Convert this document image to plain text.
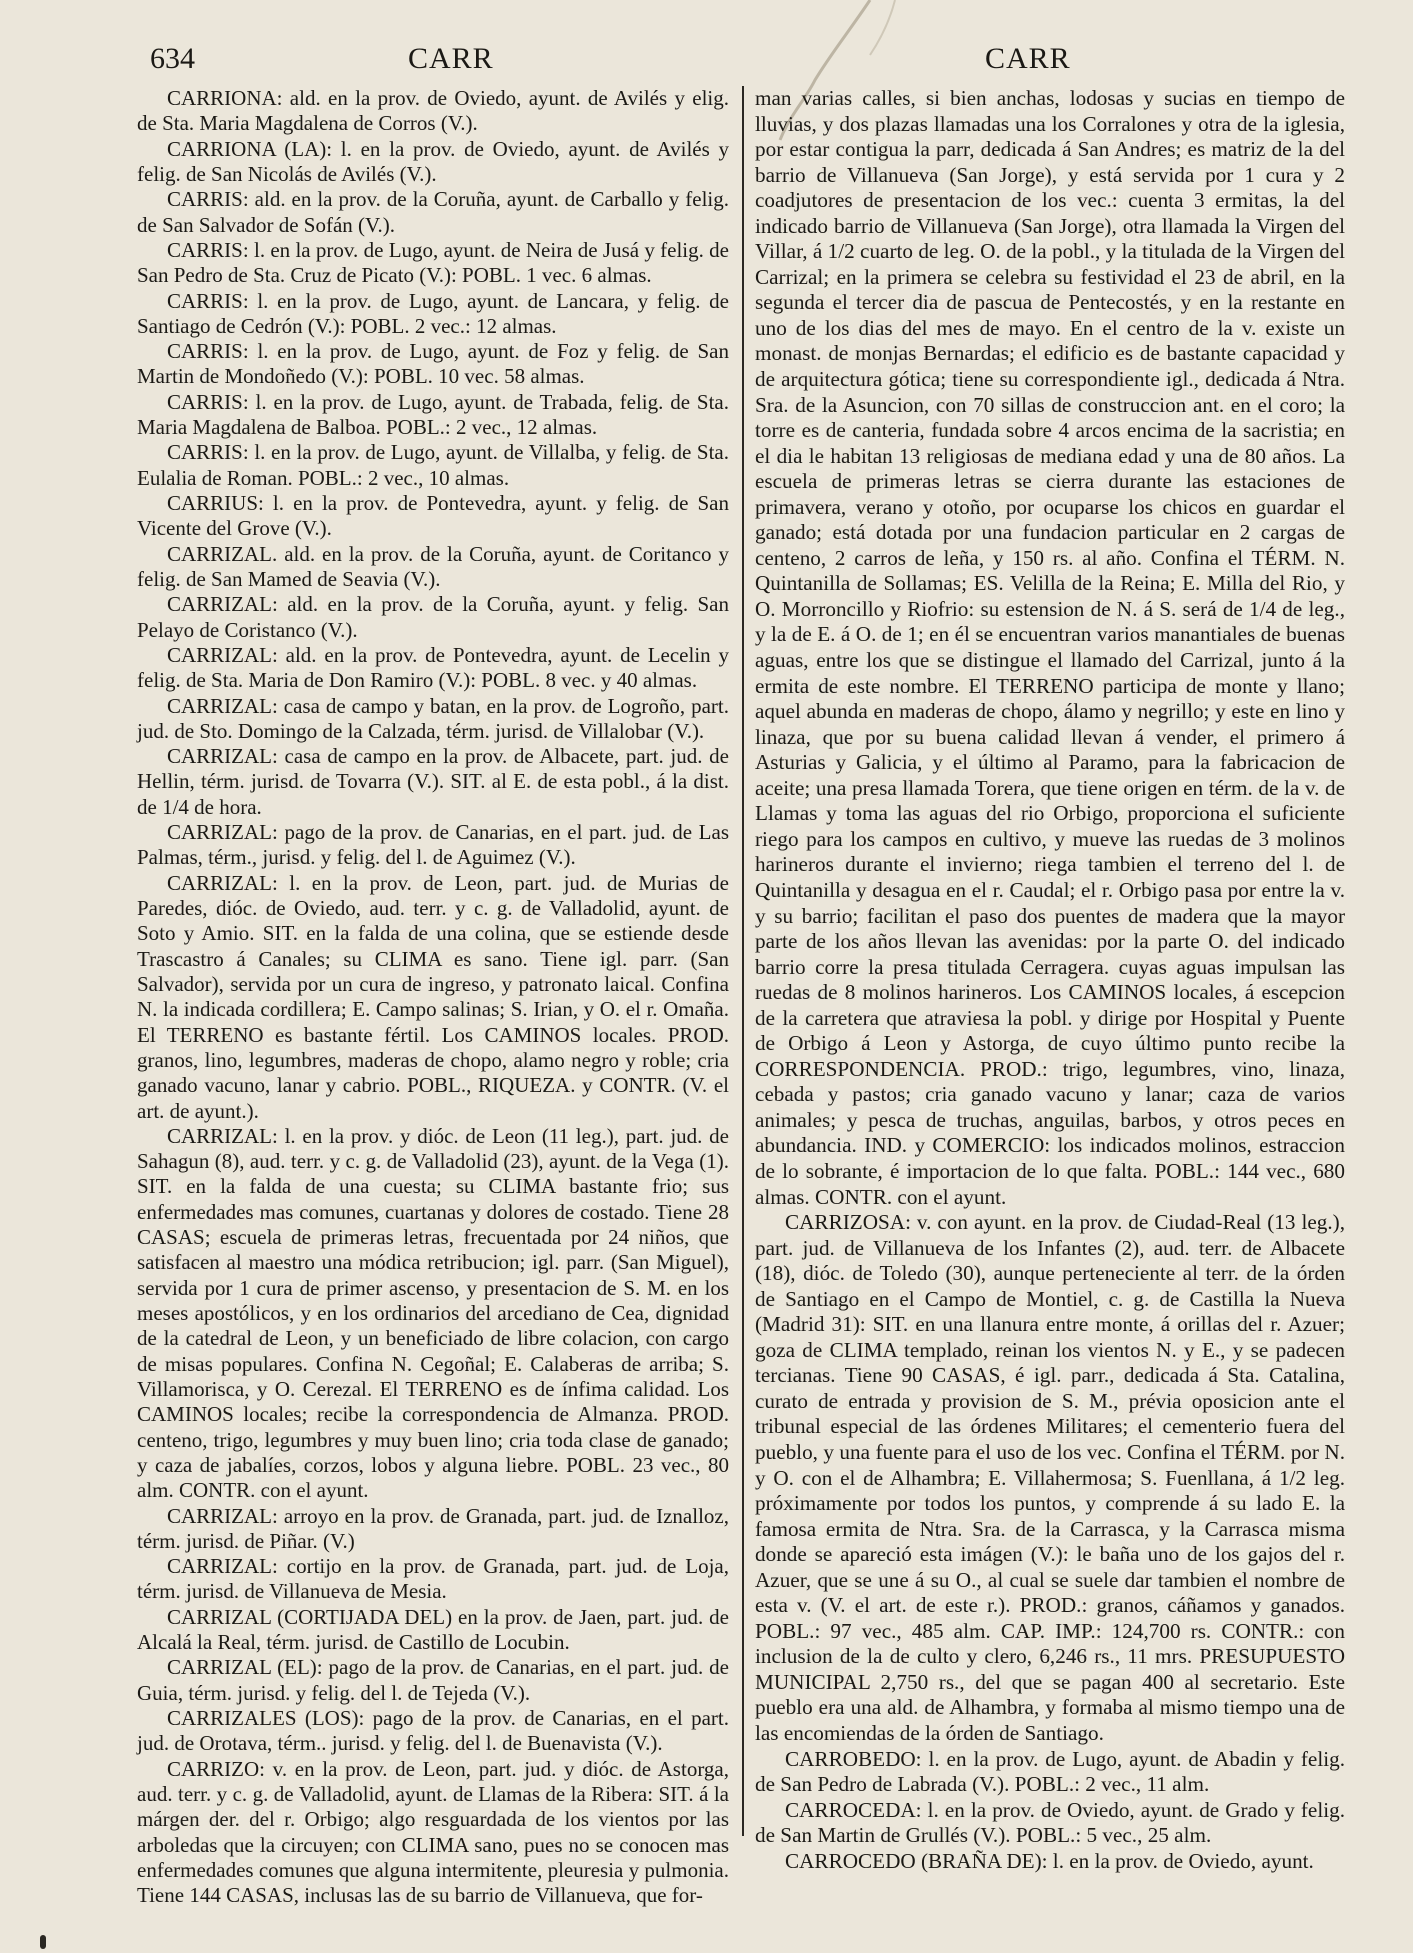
634	CARR	CARR

CARRIONA: ald. en la prov. de Oviedo, ayunt. de Avilés y elig. de Sta. Maria Magdalena de Corros (V.).

CARRIONA (LA): l. en la prov. de Oviedo, ayunt. de Avilés y felig. de San Nicolás de Avilés (V.).

CARRIS: ald. en la prov. de la Coruña, ayunt. de Carballo y felig. de San Salvador de Sofán (V.).

CARRIS: l. en la prov. de Lugo, ayunt. de Neira de Jusá y felig. de San Pedro de Sta. Cruz de Picato (V.): POBL. 1 vec. 6 almas.

CARRIS: l. en la prov. de Lugo, ayunt. de Lancara, y felig. de Santiago de Cedrón (V.): POBL. 2 vec.: 12 almas.

CARRIS: l. en la prov. de Lugo, ayunt. de Foz y felig. de San Martin de Mondoñedo (V.): POBL. 10 vec. 58 almas.

CARRIS: l. en la prov. de Lugo, ayunt. de Trabada, felig. de Sta. Maria Magdalena de Balboa. POBL.: 2 vec., 12 almas.

CARRIS: l. en la prov. de Lugo, ayunt. de Villalba, y felig. de Sta. Eulalia de Roman. POBL.: 2 vec., 10 almas.

CARRIUS: l. en la prov. de Pontevedra, ayunt. y felig. de San Vicente del Grove (V.).

CARRIZAL. ald. en la prov. de la Coruña, ayunt. de Coritanco y felig. de San Mamed de Seavia (V.).

CARRIZAL: ald. en la prov. de la Coruña, ayunt. y felig. San Pelayo de Coristanco (V.).

CARRIZAL: ald. en la prov. de Pontevedra, ayunt. de Lecelin y felig. de Sta. Maria de Don Ramiro (V.): POBL. 8 vec. y 40 almas.

CARRIZAL: casa de campo y batan, en la prov. de Logroño, part. jud. de Sto. Domingo de la Calzada, térm. jurisd. de Villalobar (V.).

CARRIZAL: casa de campo en la prov. de Albacete, part. jud. de Hellin, térm. jurisd. de Tovarra (V.). SIT. al E. de esta pobl., á la dist. de 1/4 de hora.

CARRIZAL: pago de la prov. de Canarias, en el part. jud. de Las Palmas, térm., jurisd. y felig. del l. de Aguimez (V.).

CARRIZAL: l. en la prov. de Leon, part. jud. de Murias de Paredes, dióc. de Oviedo, aud. terr. y c. g. de Valladolid, ayunt. de Soto y Amio. SIT. en la falda de una colina, que se estiende desde Trascastro á Canales; su CLIMA es sano. Tiene igl. parr. (San Salvador), servida por un cura de ingreso, y patronato laical. Confina N. la indicada cordillera; E. Campo salinas; S. Irian, y O. el r. Omaña. El TERRENO es bastante fértil. Los CAMINOS locales. PROD. granos, lino, legumbres, maderas de chopo, alamo negro y roble; cria ganado vacuno, lanar y cabrio. POBL., RIQUEZA. y CONTR. (V. el art. de ayunt.).

CARRIZAL: l. en la prov. y dióc. de Leon (11 leg.), part. jud. de Sahagun (8), aud. terr. y c. g. de Valladolid (23), ayunt. de la Vega (1). SIT. en la falda de una cuesta; su CLIMA bastante frio; sus enfermedades mas comunes, cuartanas y dolores de costado. Tiene 28 CASAS; escuela de primeras letras, frecuentada por 24 niños, que satisfacen al maestro una módica retribucion; igl. parr. (San Miguel), servida por 1 cura de primer ascenso, y presentacion de S. M. en los meses apostólicos, y en los ordinarios del arcediano de Cea, dignidad de la catedral de Leon, y un beneficiado de libre colacion, con cargo de misas populares. Confina N. Cegoñal; E. Calaberas de arriba; S. Villamorisca, y O. Cerezal. El TERRENO es de ínfima calidad. Los CAMINOS locales; recibe la correspondencia de Almanza. PROD. centeno, trigo, legumbres y muy buen lino; cria toda clase de ganado; y caza de jabalíes, corzos, lobos y alguna liebre. POBL. 23 vec., 80 alm. CONTR. con el ayunt.

CARRIZAL: arroyo en la prov. de Granada, part. jud. de Iznalloz, térm. jurisd. de Piñar. (V.)

CARRIZAL: cortijo en la prov. de Granada, part. jud. de Loja, térm. jurisd. de Villanueva de Mesia.

CARRIZAL (CORTIJADA DEL) en la prov. de Jaen, part. jud. de Alcalá la Real, térm. jurisd. de Castillo de Locubin.

CARRIZAL (EL): pago de la prov. de Canarias, en el part. jud. de Guia, térm. jurisd. y felig. del l. de Tejeda (V.).

CARRIZALES (LOS): pago de la prov. de Canarias, en el part. jud. de Orotava, térm.. jurisd. y felig. del l. de Buenavista (V.).

CARRIZO: v. en la prov. de Leon, part. jud. y dióc. de Astorga, aud. terr. y c. g. de Valladolid, ayunt. de Llamas de la Ribera: SIT. á la márgen der. del r. Orbigo; algo resguardada de los vientos por las arboledas que la circuyen; con CLIMA sano, pues no se conocen mas enfermedades comunes que alguna intermitente, pleuresia y pulmonia. Tiene 144 CASAS, inclusas las de su barrio de Villanueva, que for-

man varias calles, si bien anchas, lodosas y sucias en tiempo de lluvias, y dos plazas llamadas una los Corralones y otra de la iglesia, por estar contigua la parr, dedicada á San Andres; es matriz de la del barrio de Villanueva (San Jorge), y está servida por 1 cura y 2 coadjutores de presentacion de los vec.: cuenta 3 ermitas, la del indicado barrio de Villanueva (San Jorge), otra llamada la Virgen del Villar, á 1/2 cuarto de leg. O. de la pobl., y la titulada de la Virgen del Carrizal; en la primera se celebra su festividad el 23 de abril, en la segunda el tercer dia de pascua de Pentecostés, y en la restante en uno de los dias del mes de mayo. En el centro de la v. existe un monast. de monjas Bernardas; el edificio es de bastante capacidad y de arquitectura gótica; tiene su correspondiente igl., dedicada á Ntra. Sra. de la Asuncion, con 70 sillas de construccion ant. en el coro; la torre es de canteria, fundada sobre 4 arcos encima de la sacristia; en el dia le habitan 13 religiosas de mediana edad y una de 80 años. La escuela de primeras letras se cierra durante las estaciones de primavera, verano y otoño, por ocuparse los chicos en guardar el ganado; está dotada por una fundacion particular en 2 cargas de centeno, 2 carros de leña, y 150 rs. al año. Confina el TÉRM. N. Quintanilla de Sollamas; ES. Velilla de la Reina; E. Milla del Rio, y O. Morroncillo y Riofrio: su estension de N. á S. será de 1/4 de leg., y la de E. á O. de 1; en él se encuentran varios manantiales de buenas aguas, entre los que se distingue el llamado del Carrizal, junto á la ermita de este nombre. El TERRENO participa de monte y llano; aquel abunda en maderas de chopo, álamo y negrillo; y este en lino y linaza, que por su buena calidad llevan á vender, el primero á Asturias y Galicia, y el último al Paramo, para la fabricacion de aceite; una presa llamada Torera, que tiene origen en térm. de la v. de Llamas y toma las aguas del rio Orbigo, proporciona el suficiente riego para los campos en cultivo, y mueve las ruedas de 3 molinos harineros durante el invierno; riega tambien el terreno del l. de Quintanilla y desagua en el r. Caudal; el r. Orbigo pasa por entre la v. y su barrio; facilitan el paso dos puentes de madera que la mayor parte de los años llevan las avenidas: por la parte O. del indicado barrio corre la presa titulada Cerragera. cuyas aguas impulsan las ruedas de 8 molinos harineros. Los CAMINOS locales, á escepcion de la carretera que atraviesa la pobl. y dirige por Hospital y Puente de Orbigo á Leon y Astorga, de cuyo último punto recibe la CORRESPONDENCIA. PROD.: trigo, legumbres, vino, linaza, cebada y pastos; cria ganado vacuno y lanar; caza de varios animales; y pesca de truchas, anguilas, barbos, y otros peces en abundancia. IND. y COMERCIO: los indicados molinos, estraccion de lo sobrante, é importacion de lo que falta. POBL.: 144 vec., 680 almas. CONTR. con el ayunt.

CARRIZOSA: v. con ayunt. en la prov. de Ciudad-Real (13 leg.), part. jud. de Villanueva de los Infantes (2), aud. terr. de Albacete (18), dióc. de Toledo (30), aunque perteneciente al terr. de la órden de Santiago en el Campo de Montiel, c. g. de Castilla la Nueva (Madrid 31): SIT. en una llanura entre monte, á orillas del r. Azuer; goza de CLIMA templado, reinan los vientos N. y E., y se padecen tercianas. Tiene 90 CASAS, é igl. parr., dedicada á Sta. Catalina, curato de entrada y provision de S. M., prévia oposicion ante el tribunal especial de las órdenes Militares; el cementerio fuera del pueblo, y una fuente para el uso de los vec. Confina el TÉRM. por N. y O. con el de Alhambra; E. Villahermosa; S. Fuenllana, á 1/2 leg. próximamente por todos los puntos, y comprende á su lado E. la famosa ermita de Ntra. Sra. de la Carrasca, y la Carrasca misma donde se apareció esta imágen (V.): le baña uno de los gajos del r. Azuer, que se une á su O., al cual se suele dar tambien el nombre de esta v. (V. el art. de este r.). PROD.: granos, cáñamos y ganados. POBL.: 97 vec., 485 alm. CAP. IMP.: 124,700 rs. CONTR.: con inclusion de la de culto y clero, 6,246 rs., 11 mrs. PRESUPUESTO MUNICIPAL 2,750 rs., del que se pagan 400 al secretario. Este pueblo era una ald. de Alhambra, y formaba al mismo tiempo una de las encomiendas de la órden de Santiago.

CARROBEDO: l. en la prov. de Lugo, ayunt. de Abadin y felig. de San Pedro de Labrada (V.). POBL.: 2 vec., 11 alm.

CARROCEDA: l. en la prov. de Oviedo, ayunt. de Grado y felig. de San Martin de Grullés (V.). POBL.: 5 vec., 25 alm.

CARROCEDO (BRAÑA DE): l. en la prov. de Oviedo, ayunt.
